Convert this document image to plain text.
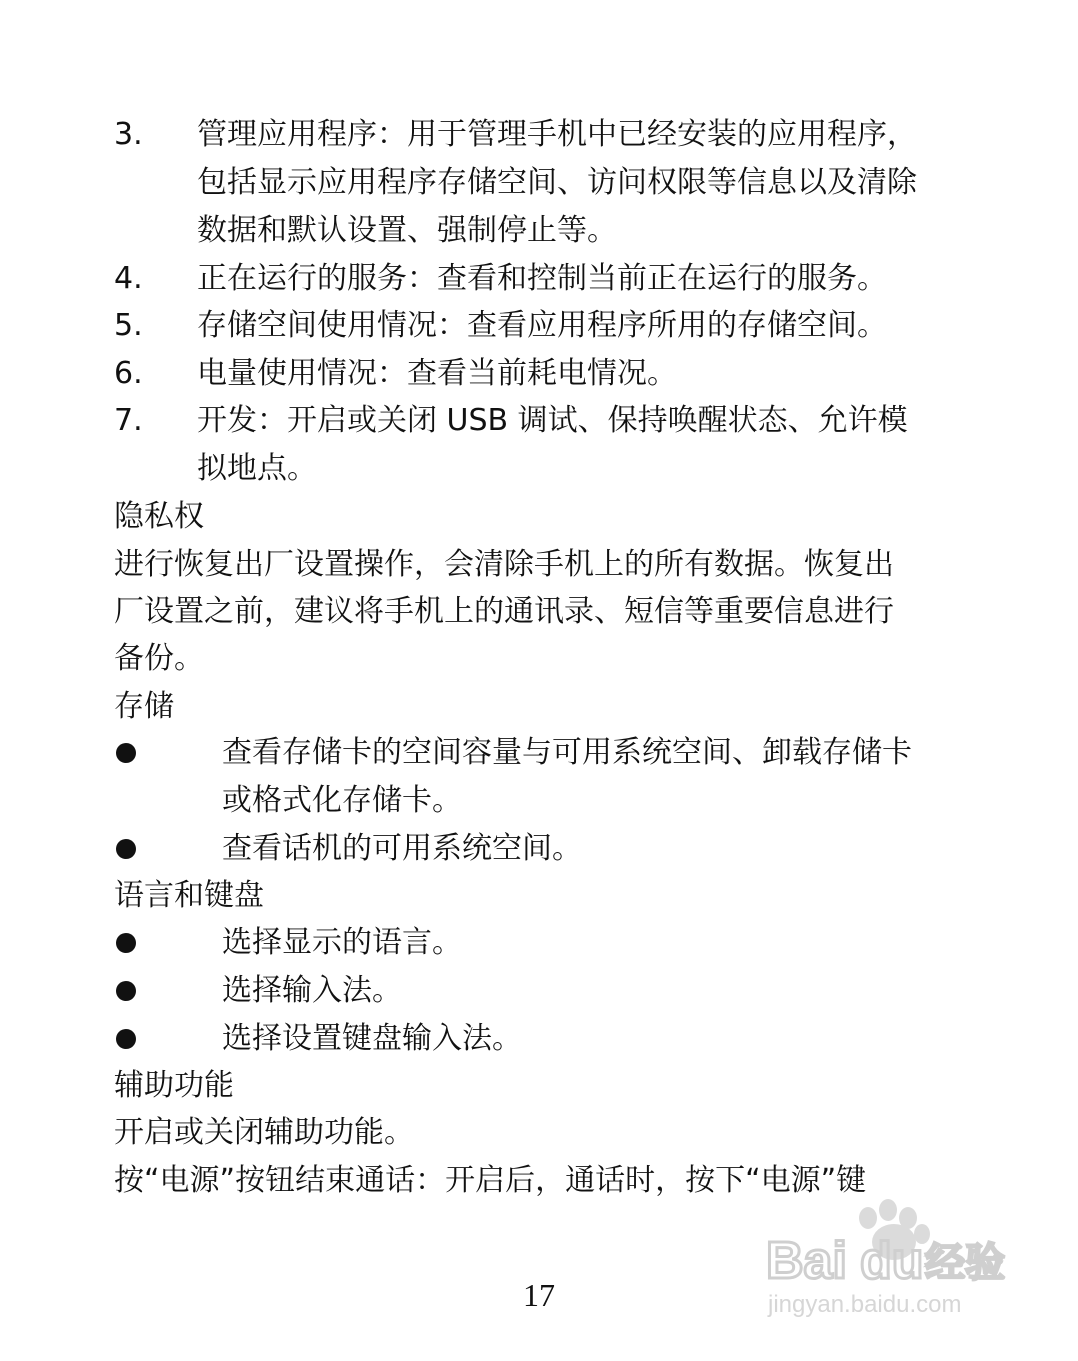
3. 管理应用程序：用于管理手机中已经安装的应用程序，
包括显示应用程序存储空间、访问权限等信息以及清除
数据和默认设置、强制停止等。
4. 正在运行的服务：查看和控制当前正在运行的服务。
5. 存储空间使用情况：查看应用程序所用的存储空间。
6. 电量使用情况：查看当前耗电情况。
7. 开发：开启或关闭 USB 调试、保持唤醒状态、允许模
拟地点。
隐私权
进行恢复出厂设置操作，会清除手机上的所有数据。恢复出
厂设置之前，建议将手机上的通讯录、短信等重要信息进行
备份。
存储
查看存储卡的空间容量与可用系统空间、卸载存储卡
或格式化存储卡。
查看话机的可用系统空间。
语言和键盘
选择显示的语言。
选择输入法。
选择设置键盘输入法。
辅助功能
开启或关闭辅助功能。
按“电源”按钮结束通话：开启后，通话时，按下“电源”键
17
Bai du 经验
jingyan.baidu.com
